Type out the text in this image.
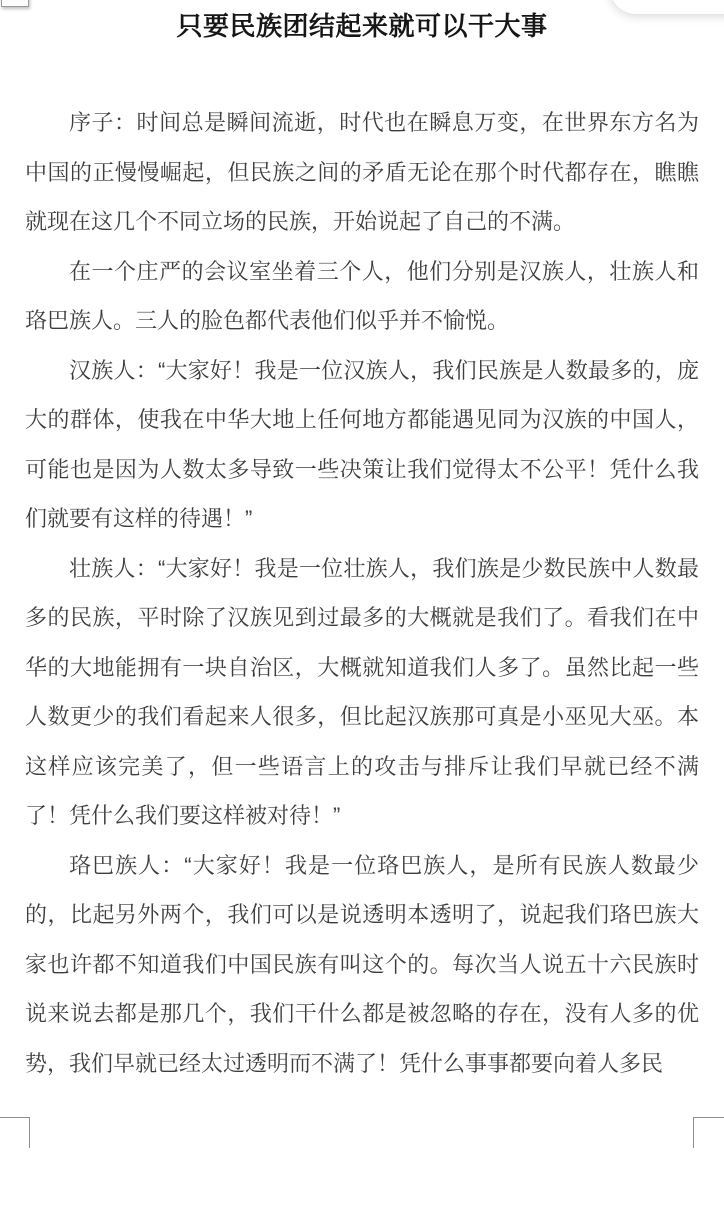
只要民族团结起来就可以干大事

序子：时间总是瞬间流逝，时代也在瞬息万变，在世界东方名为中国的正慢慢崛起，但民族之间的矛盾无论在那个时代都存在，瞧瞧就现在这几个不同立场的民族，开始说起了自己的不满。

在一个庄严的会议室坐着三个人，他们分别是汉族人，壮族人和珞巴族人。三人的脸色都代表他们似乎并不愉悦。

汉族人：“大家好！我是一位汉族人，我们民族是人数最多的，庞大的群体，使我在中华大地上任何地方都能遇见同为汉族的中国人，可能也是因为人数太多导致一些决策让我们觉得太不公平！凭什么我们就要有这样的待遇！”

壮族人：“大家好！我是一位壮族人，我们族是少数民族中人数最多的民族，平时除了汉族见到过最多的大概就是我们了。看我们在中华的大地能拥有一块自治区，大概就知道我们人多了。虽然比起一些人数更少的我们看起来人很多，但比起汉族那可真是小巫见大巫。本这样应该完美了，但一些语言上的攻击与排斥让我们早就已经不满了！凭什么我们要这样被对待！”

珞巴族人：“大家好！我是一位珞巴族人，是所有民族人数最少的，比起另外两个，我们可以是说透明本透明了，说起我们珞巴族大家也许都不知道我们中国民族有叫这个的。每次当人说五十六民族时说来说去都是那几个，我们干什么都是被忽略的存在，没有人多的优势，我们早就已经太过透明而不满了！凭什么事事都要向着人多民
